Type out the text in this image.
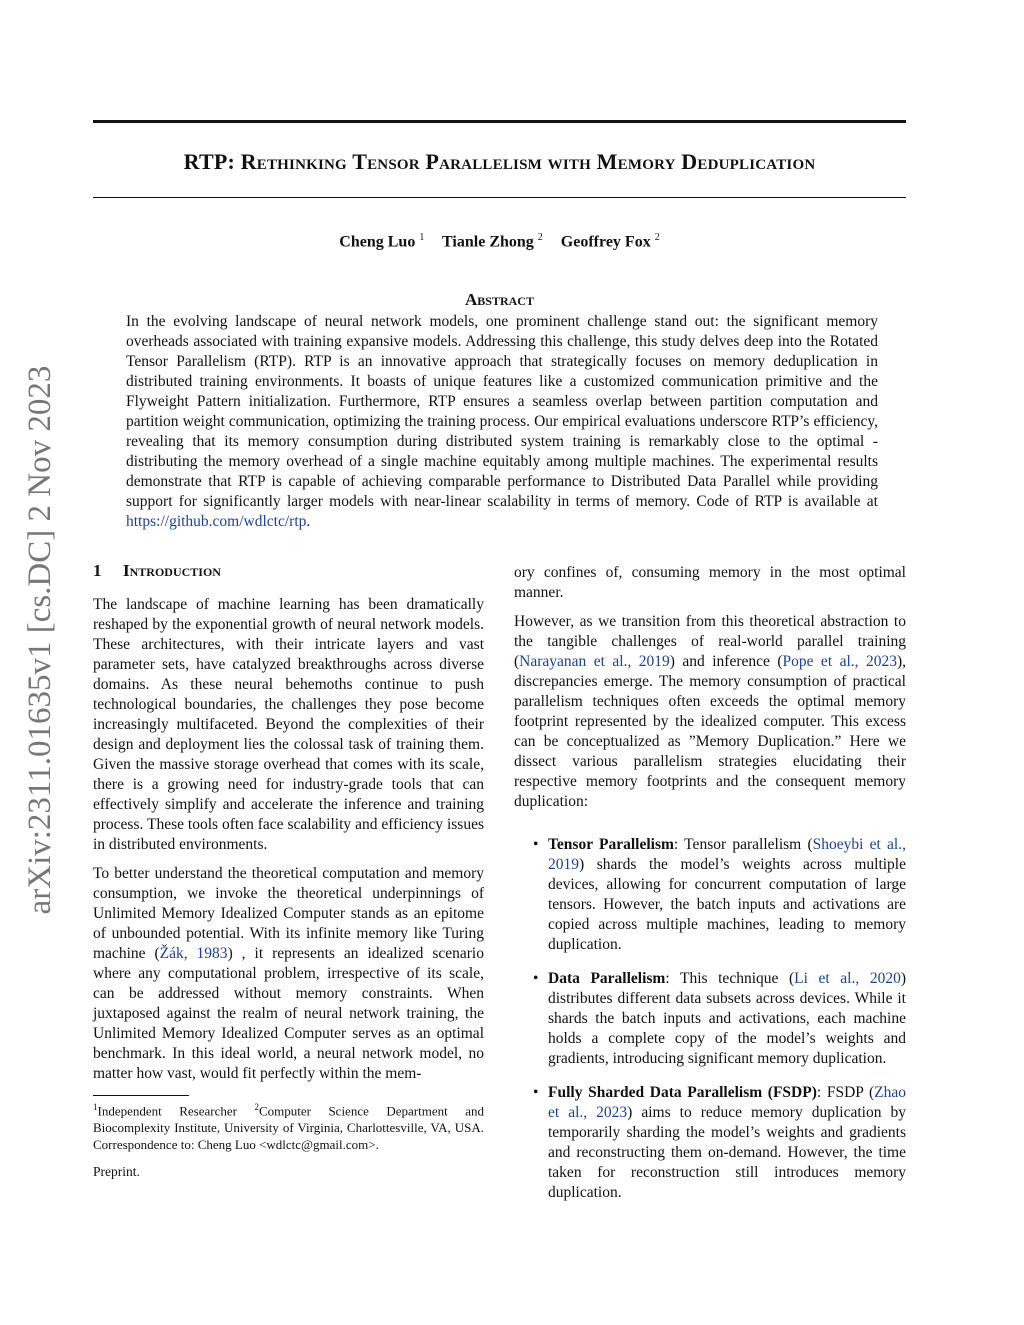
arXiv:2311.01635v1 [cs.DC] 2 Nov 2023
RTP: Rethinking Tensor Parallelism with Memory Deduplication
Cheng Luo $^1$ Tianle Zhong $^2$ Geoffrey Fox $^2$
Abstract

In the evolving landscape of neural network models, one prominent challenge stand out: the significant memory overheads associated with training expansive models. Addressing this challenge, this study delves deep into the Rotated Tensor Parallelism (RTP). RTP is an innovative approach that strategically focuses on memory deduplication in distributed training environments. It boasts of unique features like a customized communication primitive and the Flyweight Pattern initialization. Furthermore, RTP ensures a seamless overlap between partition computation and partition weight communication, optimizing the training process. Our empirical evaluations underscore RTP’s efficiency, revealing that its memory consumption during distributed system training is remarkably close to the optimal - distributing the memory overhead of a single machine equitably among multiple machines. The experimental results demonstrate that RTP is capable of achieving comparable performance to Distributed Data Parallel while providing support for significantly larger models with near-linear scalability in terms of memory. Code of RTP is available at https://github.com/wdlctc/rtp.

1 Introduction

The landscape of machine learning has been dramatically reshaped by the exponential growth of neural network models. These architectures, with their intricate layers and vast parameter sets, have catalyzed breakthroughs across diverse domains. As these neural behemoths continue to push technological boundaries, the challenges they pose become increasingly multifaceted. Beyond the complexities of their design and deployment lies the colossal task of training them. Given the massive storage overhead that comes with its scale, there is a growing need for industry-grade tools that can effectively simplify and accelerate the inference and training process. These tools often face scalability and efficiency issues in distributed environments.

To better understand the theoretical computation and memory consumption, we invoke the theoretical underpinnings of Unlimited Memory Idealized Computer stands as an epitome of unbounded potential. With its infinite memory like Turing machine (Žák, 1983) , it represents an idealized scenario where any computational problem, irrespective of its scale, can be addressed without memory constraints. When juxtaposed against the realm of neural network training, the Unlimited Memory Idealized Computer serves as an optimal benchmark. In this ideal world, a neural network model, no matter how vast, would fit perfectly within the mem-

ory confines of, consuming memory in the most optimal manner.

However, as we transition from this theoretical abstraction to the tangible challenges of real-world parallel training (Narayanan et al., 2019) and inference (Pope et al., 2023), discrepancies emerge. The memory consumption of practical parallelism techniques often exceeds the optimal memory footprint represented by the idealized computer. This excess can be conceptualized as ”Memory Duplication.” Here we dissect various parallelism strategies elucidating their respective memory footprints and the consequent memory duplication:

• Tensor Parallelism: Tensor parallelism (Shoeybi et al., 2019) shards the model’s weights across multiple devices, allowing for concurrent computation of large tensors. However, the batch inputs and activations are copied across multiple machines, leading to memory duplication.
• Data Parallelism: This technique (Li et al., 2020) distributes different data subsets across devices. While it shards the batch inputs and activations, each machine holds a complete copy of the model’s weights and gradients, introducing significant memory duplication.
• Fully Sharded Data Parallelism (FSDP): FSDP (Zhao et al., 2023) aims to reduce memory duplication by temporarily sharding the model’s weights and gradients and reconstructing them on-demand. However, the time taken for reconstruction still introduces memory duplication.

$^1$Independent Researcher $^2$Computer Science Department and Biocomplexity Institute, University of Virginia, Charlottesville, VA, USA. Correspondence to: Cheng Luo <wdlctc@gmail.com>.

Preprint.
